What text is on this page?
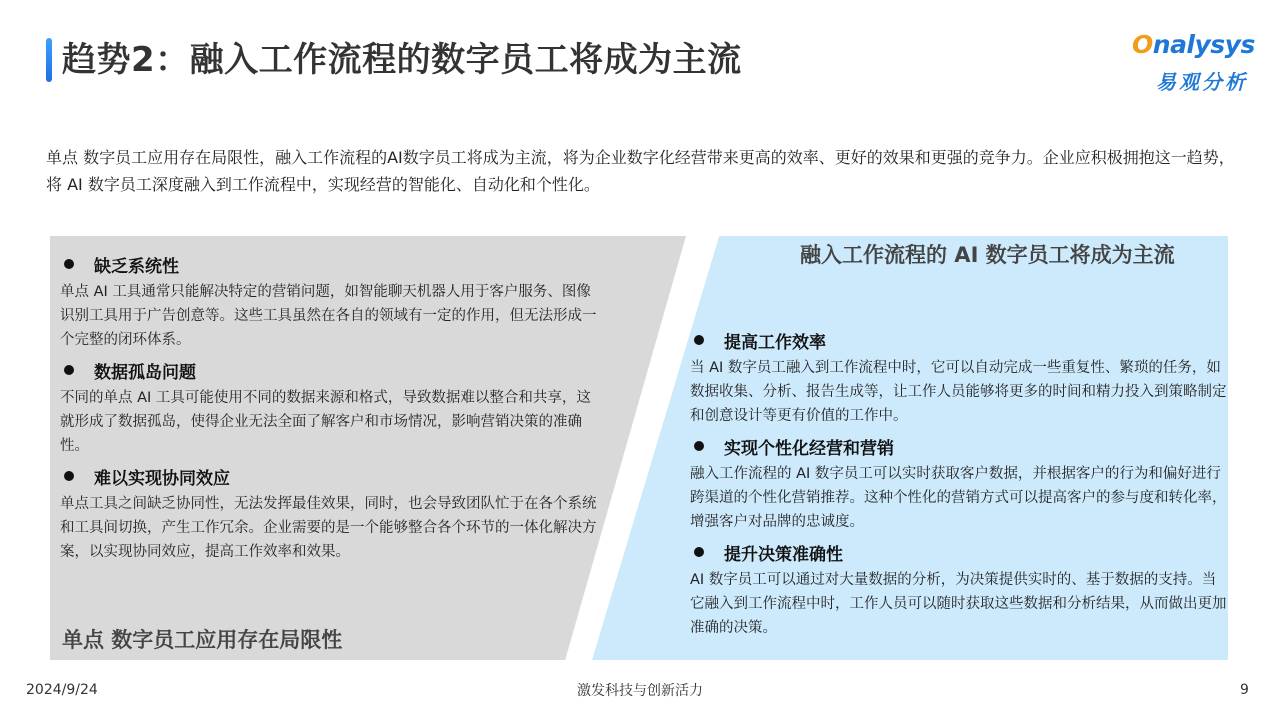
趋势2：融入工作流程的数字员工将成为主流	Onalysys
易观分析

单点 数字员工应用存在局限性，融入工作流程的AI数字员工将成为主流，将为企业数字化经营带来更高的效率、更好的效果和更强的竞争力。企业应积极拥抱这一趋势，将 AI 数字员工深度融入到工作流程中，实现经营的智能化、自动化和个性化。

缺乏系统性

单点 AI 工具通常只能解决特定的营销问题，如智能聊天机器人用于客户服务、图像识别工具用于广告创意等。这些工具虽然在各自的领域有一定的作用，但无法形成一个完整的闭环体系。

数据孤岛问题

不同的单点 AI 工具可能使用不同的数据来源和格式，导致数据难以整合和共享，这就形成了数据孤岛，使得企业无法全面了解客户和市场情况，影响营销决策的准确性。

难以实现协同效应

单点工具之间缺乏协同性，无法发挥最佳效果，同时，也会导致团队忙于在各个系统和工具间切换，产生工作冗余。企业需要的是一个能够整合各个环节的一体化解决方案，以实现协同效应，提高工作效率和效果。

单点 数字员工应用存在局限性
融入工作流程的 AI 数字员工将成为主流
提高工作效率

当 AI 数字员工融入到工作流程中时，它可以自动完成一些重复性、繁琐的任务，如数据收集、分析、报告生成等，让工作人员能够将更多的时间和精力投入到策略制定和创意设计等更有价值的工作中。

实现个性化经营和营销

融入工作流程的 AI 数字员工可以实时获取客户数据，并根据客户的行为和偏好进行跨渠道的个性化营销推荐。这种个性化的营销方式可以提高客户的参与度和转化率，增强客户对品牌的忠诚度。

提升决策准确性

AI 数字员工可以通过对大量数据的分析，为决策提供实时的、基于数据的支持。当它融入到工作流程中时，工作人员可以随时获取这些数据和分析结果，从而做出更加准确的决策。

2024/9/24	激发科技与创新活力	9
